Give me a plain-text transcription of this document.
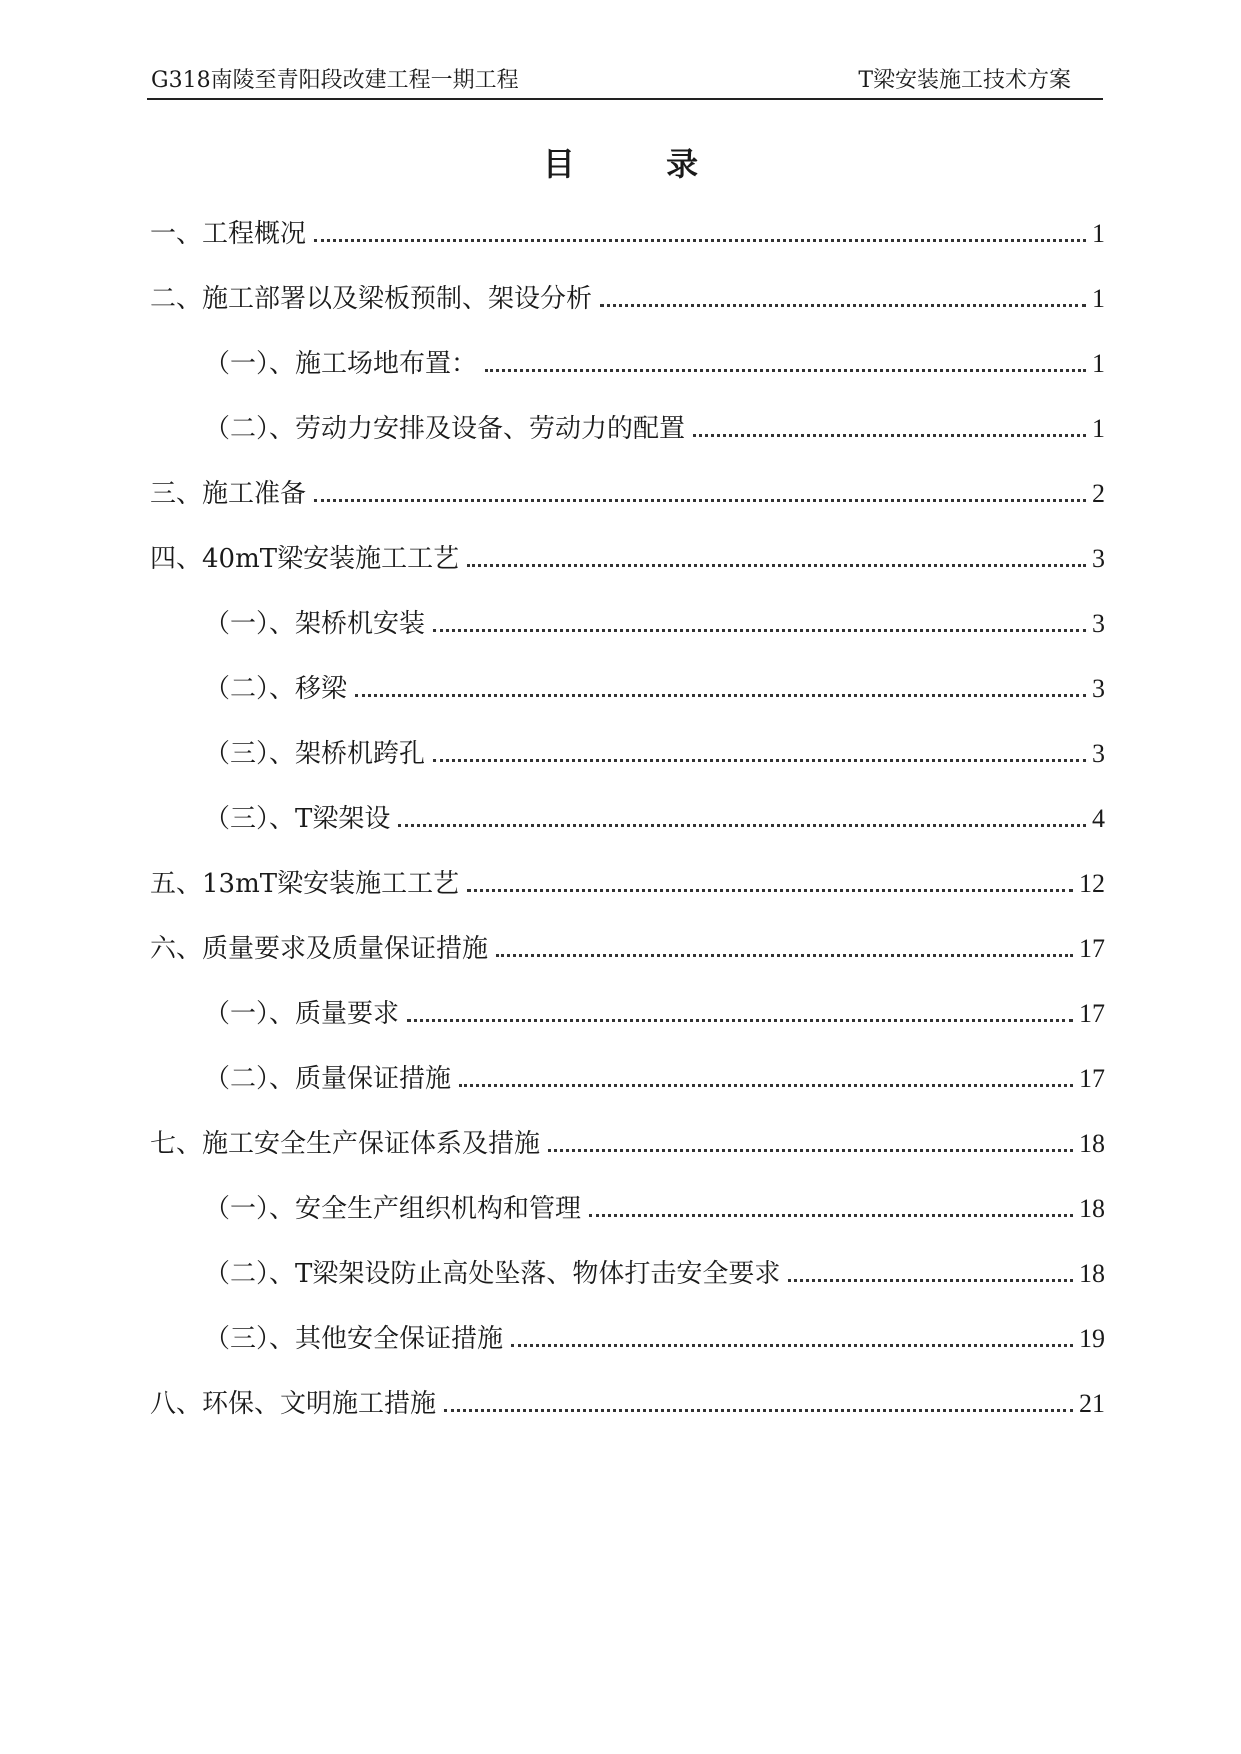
G318南陵至青阳段改建工程一期工程	T梁安装施工技术方案
目 录
一、工程概况	1
二、施工部署以及梁板预制、架设分析	1
（一）、施工场地布置：	1
（二）、劳动力安排及设备、劳动力的配置	1
三、施工准备	2
四、40mT梁安装施工工艺	3
（一）、架桥机安装	3
（二）、移梁	3
（三）、架桥机跨孔	3
（三）、T梁架设	4
五、13mT梁安装施工工艺	12
六、质量要求及质量保证措施	17
（一）、质量要求	17
（二）、质量保证措施	17
七、施工安全生产保证体系及措施	18
（一）、安全生产组织机构和管理	18
（二）、T梁架设防止高处坠落、物体打击安全要求	18
（三）、其他安全保证措施	19
八、环保、文明施工措施	21
